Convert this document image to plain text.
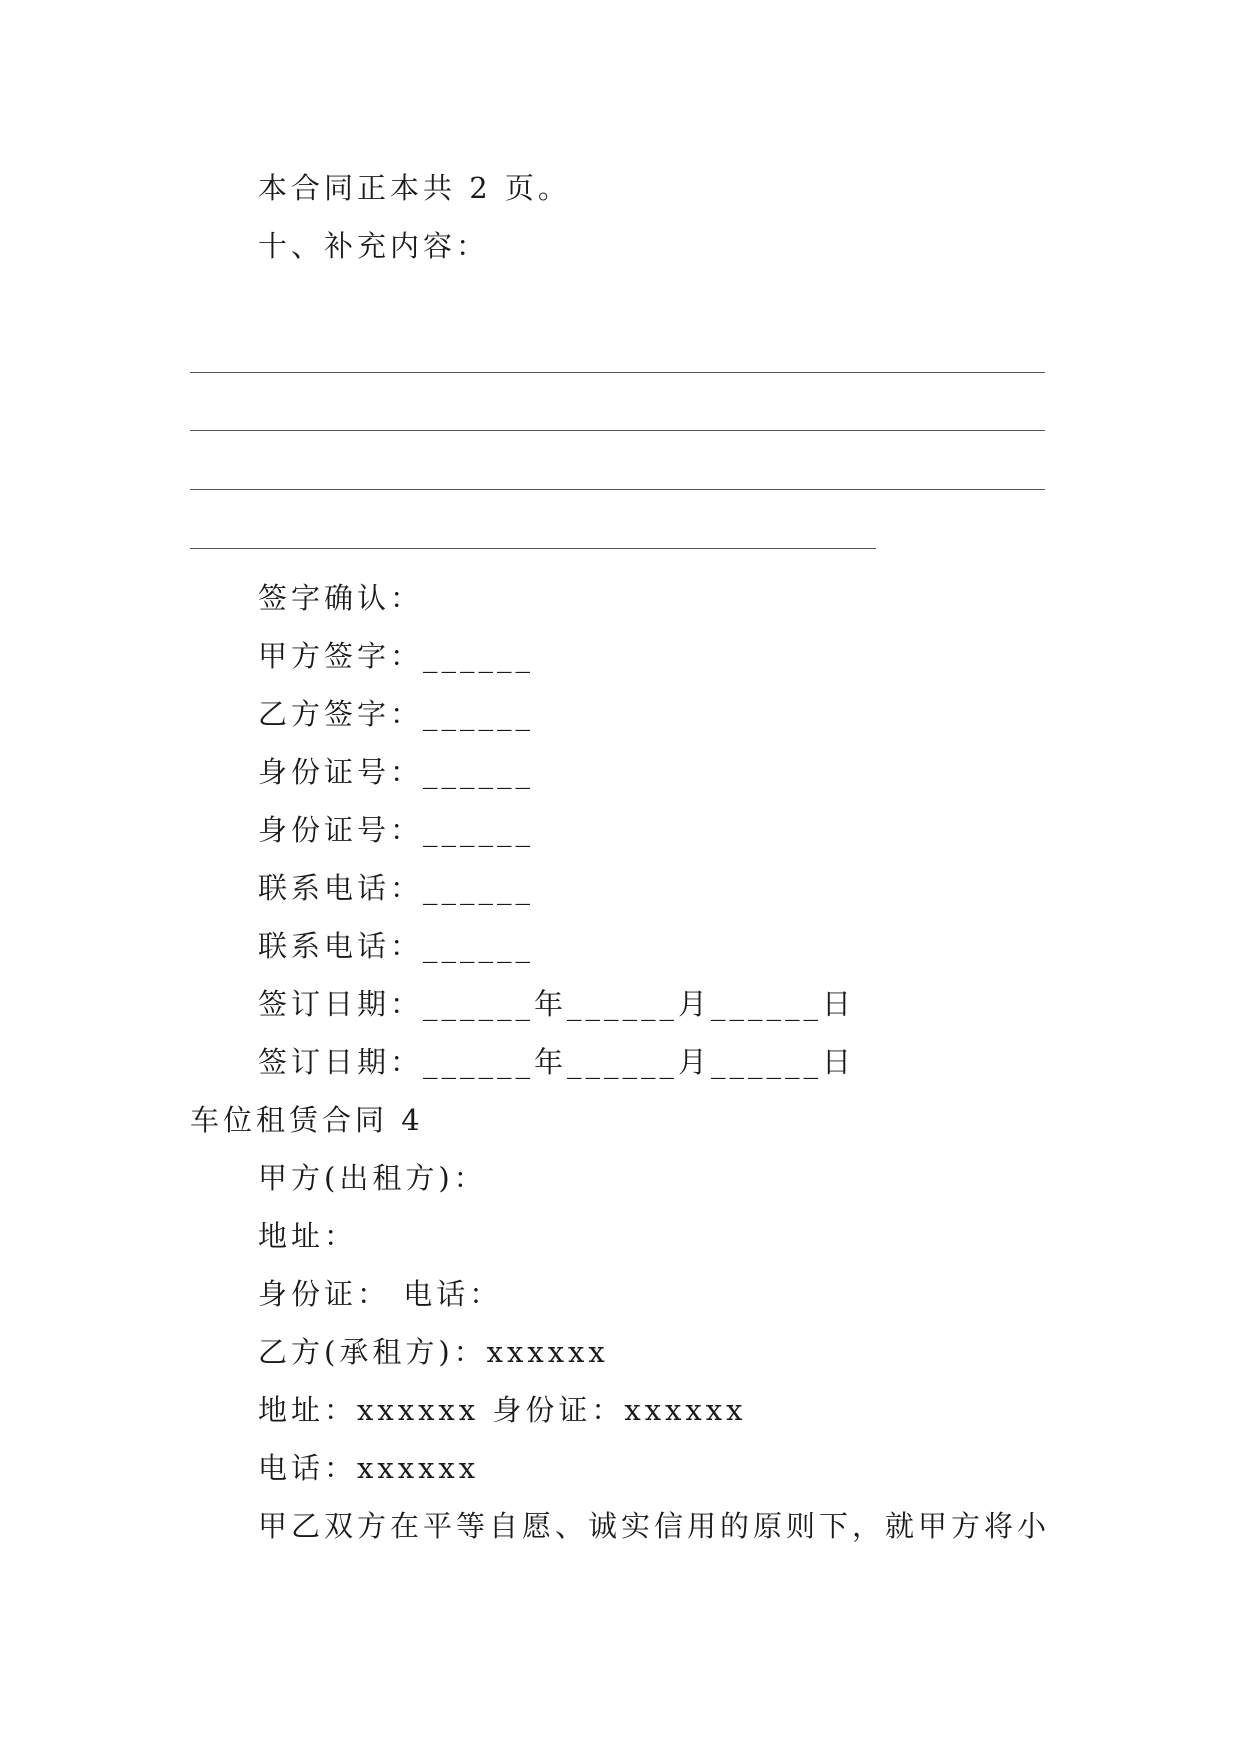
本合同正本共 2 页。
十、补充内容：
签字确认：
甲方签字：______
乙方签字：______
身份证号：______
身份证号：______
联系电话：______
联系电话：______
签订日期：______年______月______日
签订日期：______年______月______日
车位租赁合同 4
甲方(出租方)：
地址：
身份证： 电话：
乙方(承租方)：xxxxxx
地址：xxxxxx 身份证：xxxxxx
电话：xxxxxx
甲乙双方在平等自愿、诚实信用的原则下，就甲方将小
